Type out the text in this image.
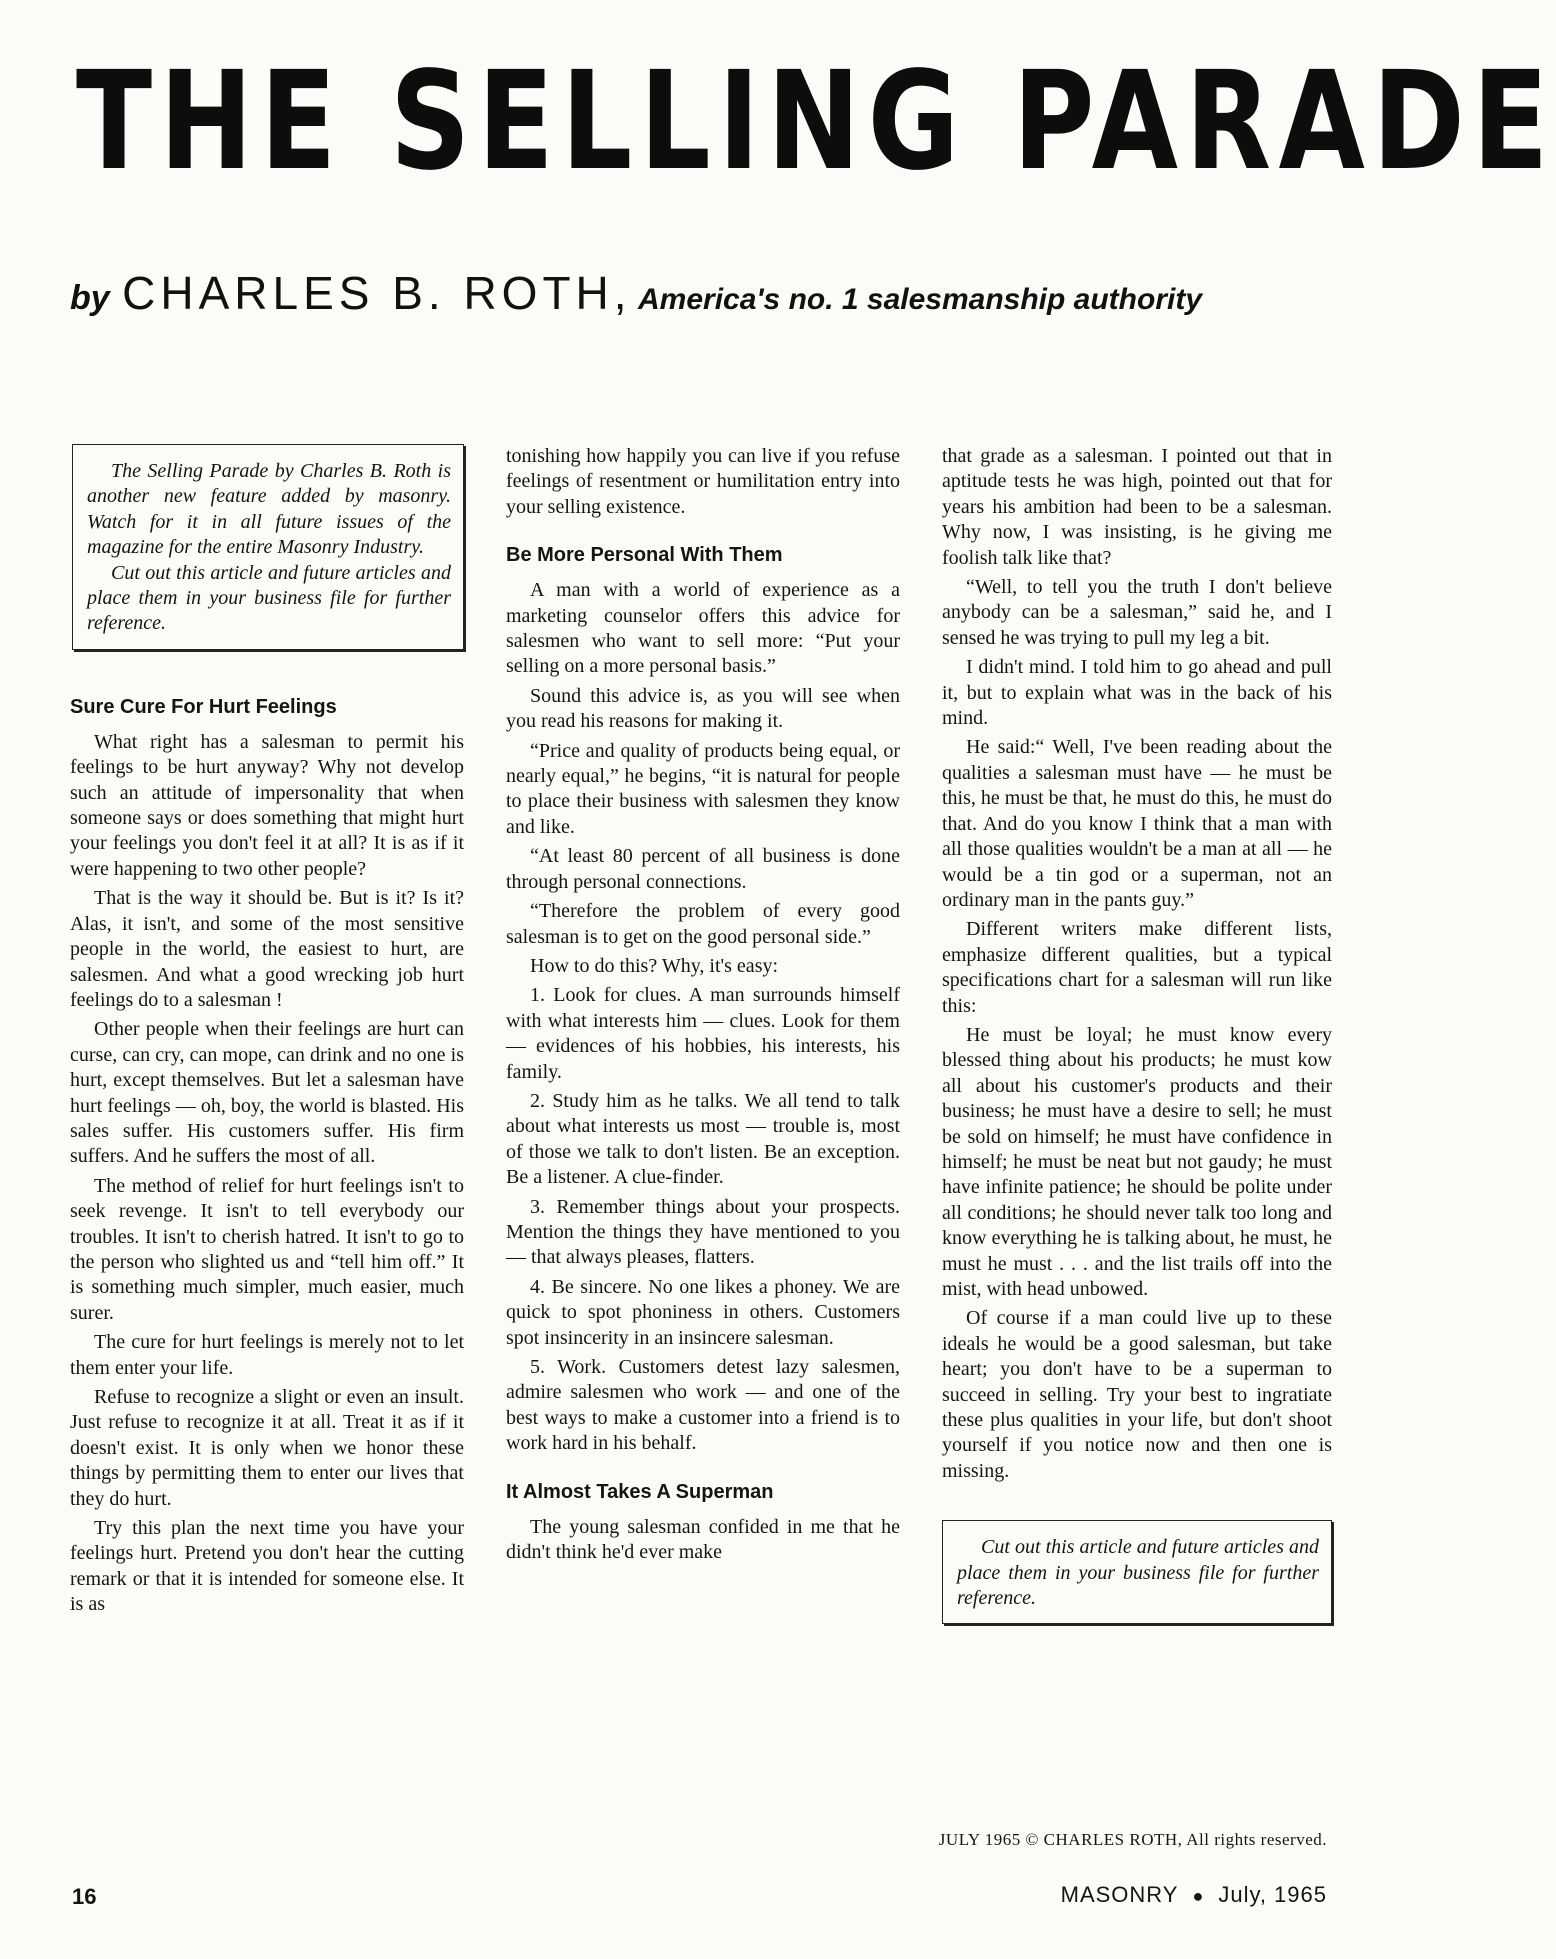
THE SELLING PARADE
by CHARLES B. ROTH, America's no. 1 salesmanship authority

The Selling Parade by Charles B. Roth is another new feature added by masonry. Watch for it in all future issues of the magazine for the entire Masonry Industry.

Cut out this article and future articles and place them in your business file for further reference.

Sure Cure For Hurt Feelings

What right has a salesman to permit his feelings to be hurt anyway? Why not develop such an attitude of impersonality that when someone says or does something that might hurt your feelings you don't feel it at all? It is as if it were happening to two other people?

That is the way it should be. But is it? Is it? Alas, it isn't, and some of the most sensitive people in the world, the easiest to hurt, are salesmen. And what a good wrecking job hurt feelings do to a salesman !

Other people when their feelings are hurt can curse, can cry, can mope, can drink and no one is hurt, except themselves. But let a salesman have hurt feelings — oh, boy, the world is blasted. His sales suffer. His customers suffer. His firm suffers. And he suffers the most of all.

The method of relief for hurt feelings isn't to seek revenge. It isn't to tell everybody our troubles. It isn't to cherish hatred. It isn't to go to the person who slighted us and “tell him off.” It is something much simpler, much easier, much surer.

The cure for hurt feelings is merely not to let them enter your life.

Refuse to recognize a slight or even an insult. Just refuse to recognize it at all. Treat it as if it doesn't exist. It is only when we honor these things by permitting them to enter our lives that they do hurt.

Try this plan the next time you have your feelings hurt. Pretend you don't hear the cutting remark or that it is intended for someone else. It is as

tonishing how happily you can live if you refuse feelings of resentment or humilitation entry into your selling existence.

Be More Personal With Them

A man with a world of experience as a marketing counselor offers this advice for salesmen who want to sell more: “Put your selling on a more personal basis.”

Sound this advice is, as you will see when you read his reasons for making it.

“Price and quality of products being equal, or nearly equal,” he begins, “it is natural for people to place their business with salesmen they know and like.

“At least 80 percent of all business is done through personal connections.

“Therefore the problem of every good salesman is to get on the good personal side.”

How to do this? Why, it's easy:

1. Look for clues. A man surrounds himself with what interests him — clues. Look for them — evidences of his hobbies, his interests, his family.

2. Study him as he talks. We all tend to talk about what interests us most — trouble is, most of those we talk to don't listen. Be an exception. Be a listener. A clue-finder.

3. Remember things about your prospects. Mention the things they have mentioned to you — that always pleases, flatters.

4. Be sincere. No one likes a phoney. We are quick to spot phoniness in others. Customers spot insincerity in an insincere salesman.

5. Work. Customers detest lazy salesmen, admire salesmen who work — and one of the best ways to make a customer into a friend is to work hard in his behalf.

It Almost Takes A Superman

The young salesman confided in me that he didn't think he'd ever make

that grade as a salesman. I pointed out that in aptitude tests he was high, pointed out that for years his ambition had been to be a salesman. Why now, I was insisting, is he giving me foolish talk like that?

“Well, to tell you the truth I don't believe anybody can be a salesman,” said he, and I sensed he was trying to pull my leg a bit.

I didn't mind. I told him to go ahead and pull it, but to explain what was in the back of his mind.

He said:“ Well, I've been reading about the qualities a salesman must have — he must be this, he must be that, he must do this, he must do that. And do you know I think that a man with all those qualities wouldn't be a man at all — he would be a tin god or a superman, not an ordinary man in the pants guy.”

Different writers make different lists, emphasize different qualities, but a typical specifications chart for a salesman will run like this:

He must be loyal; he must know every blessed thing about his products; he must kow all about his customer's products and their business; he must have a desire to sell; he must be sold on himself; he must have confidence in himself; he must be neat but not gaudy; he must have infinite patience; he should be polite under all conditions; he should never talk too long and know everything he is talking about, he must, he must he must . . . and the list trails off into the mist, with head unbowed.

Of course if a man could live up to these ideals he would be a good salesman, but take heart; you don't have to be a superman to succeed in selling. Try your best to ingratiate these plus qualities in your life, but don't shoot yourself if you notice now and then one is missing.

Cut out this article and future articles and place them in your business file for further reference.

JULY 1965 © CHARLES ROTH, All rights reserved.
16	MASONRY ● July, 1965
